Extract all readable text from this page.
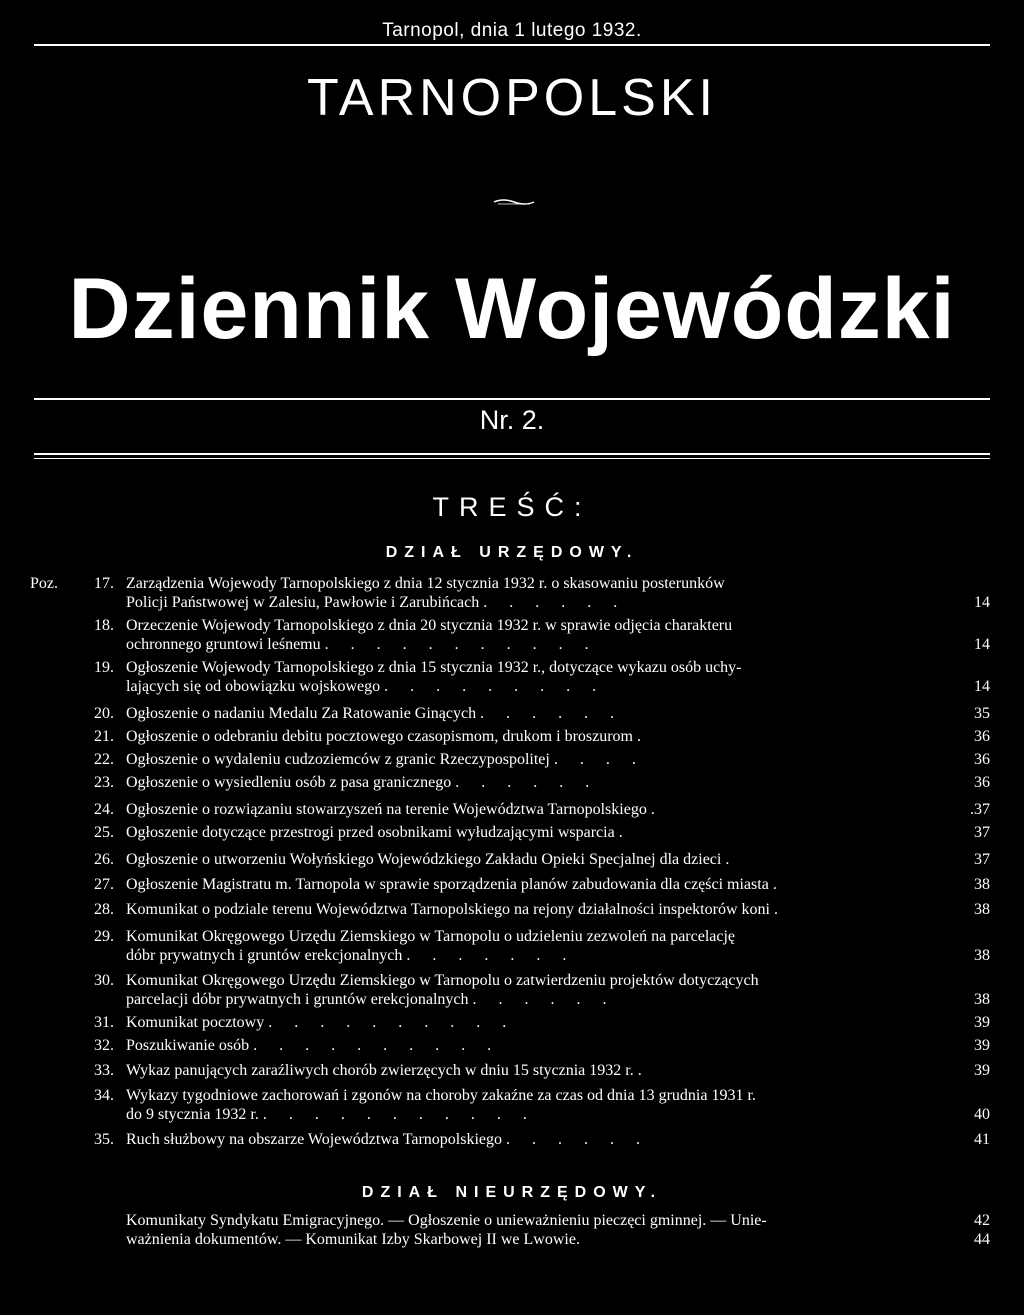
Tarnopol, dnia 1 lutego 1932.
TARNOPOLSKI
Dziennik Wojewódzki
Nr. 2.
TREŚĆ:
DZIAŁ URZĘDOWY.
Poz.	17. Zarządzenia Wojewody Tarnopolskiego z dnia 12 stycznia 1932 r. o skasowaniu posterunków
Policji Państwowej w Zalesiu, Pawłowie i Zarubińcach ......	14
18. Orzeczenie Wojewody Tarnopolskiego z dnia 20 stycznia 1932 r. w sprawie odjęcia charakteru
ochronnego gruntowi leśnemu ...........	14
19. Ogłoszenie Wojewody Tarnopolskiego z dnia 15 stycznia 1932 r., dotyczące wykazu osób uchy-
lających się od obowiązku wojskowego .........	14
20. Ogłoszenie o nadaniu Medalu Za Ratowanie Ginących ......	35
21. Ogłoszenie o odebraniu debitu pocztowego czasopismom, drukom i broszurom .	36
22. Ogłoszenie o wydaleniu cudzoziemców z granic Rzeczypospolitej ....	36
23. Ogłoszenie o wysiedleniu osób z pasa granicznego ......	36
24. Ogłoszenie o rozwiązaniu stowarzyszeń na terenie Województwa Tarnopolskiego .	.37
25. Ogłoszenie dotyczące przestrogi przed osobnikami wyłudzającymi wsparcia .	37
26. Ogłoszenie o utworzeniu Wołyńskiego Wojewódzkiego Zakładu Opieki Specjalnej dla dzieci .	37
27. Ogłoszenie Magistratu m. Tarnopola w sprawie sporządzenia planów zabudowania dla części miasta .	38
28. Komunikat o podziale terenu Województwa Tarnopolskiego na rejony działalności inspektorów koni .	38
29. Komunikat Okręgowego Urzędu Ziemskiego w Tarnopolu o udzieleniu zezwoleń na parcelację
dóbr prywatnych i gruntów erekcjonalnych .......	38
30. Komunikat Okręgowego Urzędu Ziemskiego w Tarnopolu o zatwierdzeniu projektów dotyczących
parcelacji dóbr prywatnych i gruntów erekcjonalnych ......	38
31. Komunikat pocztowy ..........	39
32. Poszukiwanie osób ..........	39
33. Wykaz panujących zaraźliwych chorób zwierzęcych w dniu 15 stycznia 1932 r. .	39
34. Wykazy tygodniowe zachorowań i zgonów na choroby zakaźne za czas od dnia 13 grudnia 1931 r.
do 9 stycznia 1932 r. ...........	40
35. Ruch służbowy na obszarze Województwa Tarnopolskiego ......	41
DZIAŁ NIEURZĘDOWY.
Komunikaty Syndykatu Emigracyjnego. — Ogłoszenie o unieważnieniu pieczęci gminnej. — Unie-	42
ważnienia dokumentów. — Komunikat Izby Skarbowej II we Lwowie.	44
